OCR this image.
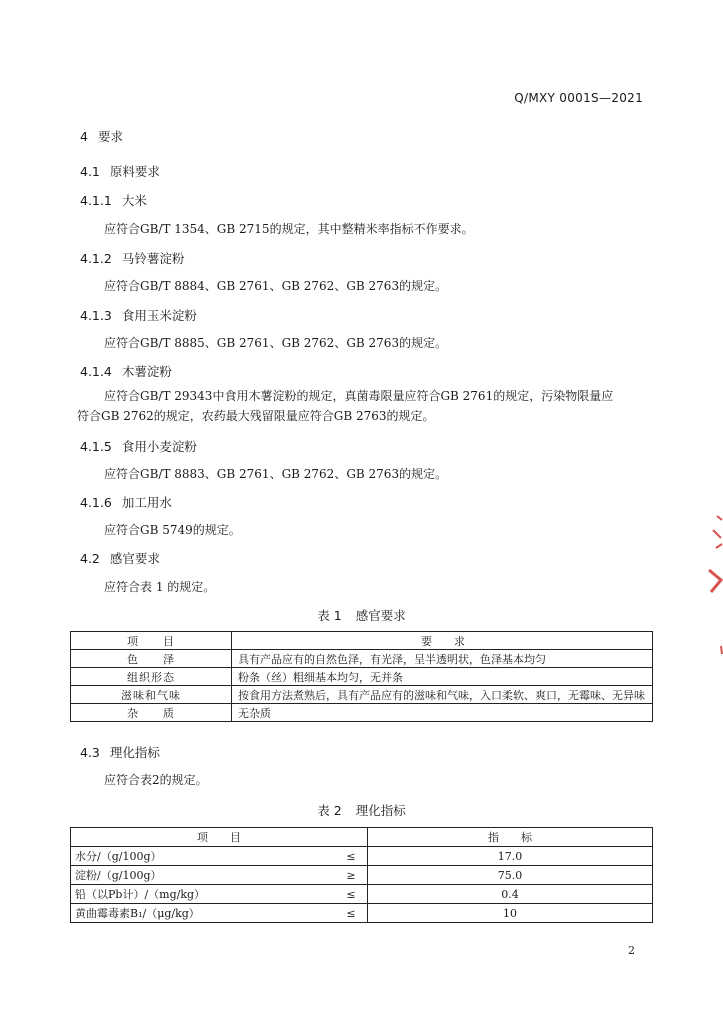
Q/MXY 0001S—2021
4 要求
4.1 原料要求
4.1.1 大米
应符合GB/T 1354、GB 2715的规定，其中整精米率指标不作要求。
4.1.2 马铃薯淀粉
应符合GB/T 8884、GB 2761、GB 2762、GB 2763的规定。
4.1.3 食用玉米淀粉
应符合GB/T 8885、GB 2761、GB 2762、GB 2763的规定。
4.1.4 木薯淀粉
应符合GB/T 29343中食用木薯淀粉的规定，真菌毒限量应符合GB 2761的规定，污染物限量应符合GB 2762的规定，农药最大残留限量应符合GB 2763的规定。
4.1.5 食用小麦淀粉
应符合GB/T 8883、GB 2761、GB 2762、GB 2763的规定。
4.1.6 加工用水
应符合GB 5749的规定。
4.2 感官要求
应符合表 1 的规定。
表 1 感官要求
项　　目	要　　求
色　　泽	具有产品应有的自然色泽，有光泽，呈半透明状，色泽基本均匀
组织形态	粉条（丝）粗细基本均匀，无并条
滋味和气味	按食用方法煮熟后，具有产品应有的滋味和气味，入口柔软、爽口，无霉味、无异味
杂　　质	无杂质
4.3 理化指标
应符合表2的规定。
表 2 理化指标
项　　目		指　　标
水分/（g/100g）	≤	17.0
淀粉/（g/100g）	≥	75.0
铅（以Pb计）/（mg/kg）	≤	0.4
黄曲霉毒素B₁/（μg/kg）	≤	10
2
